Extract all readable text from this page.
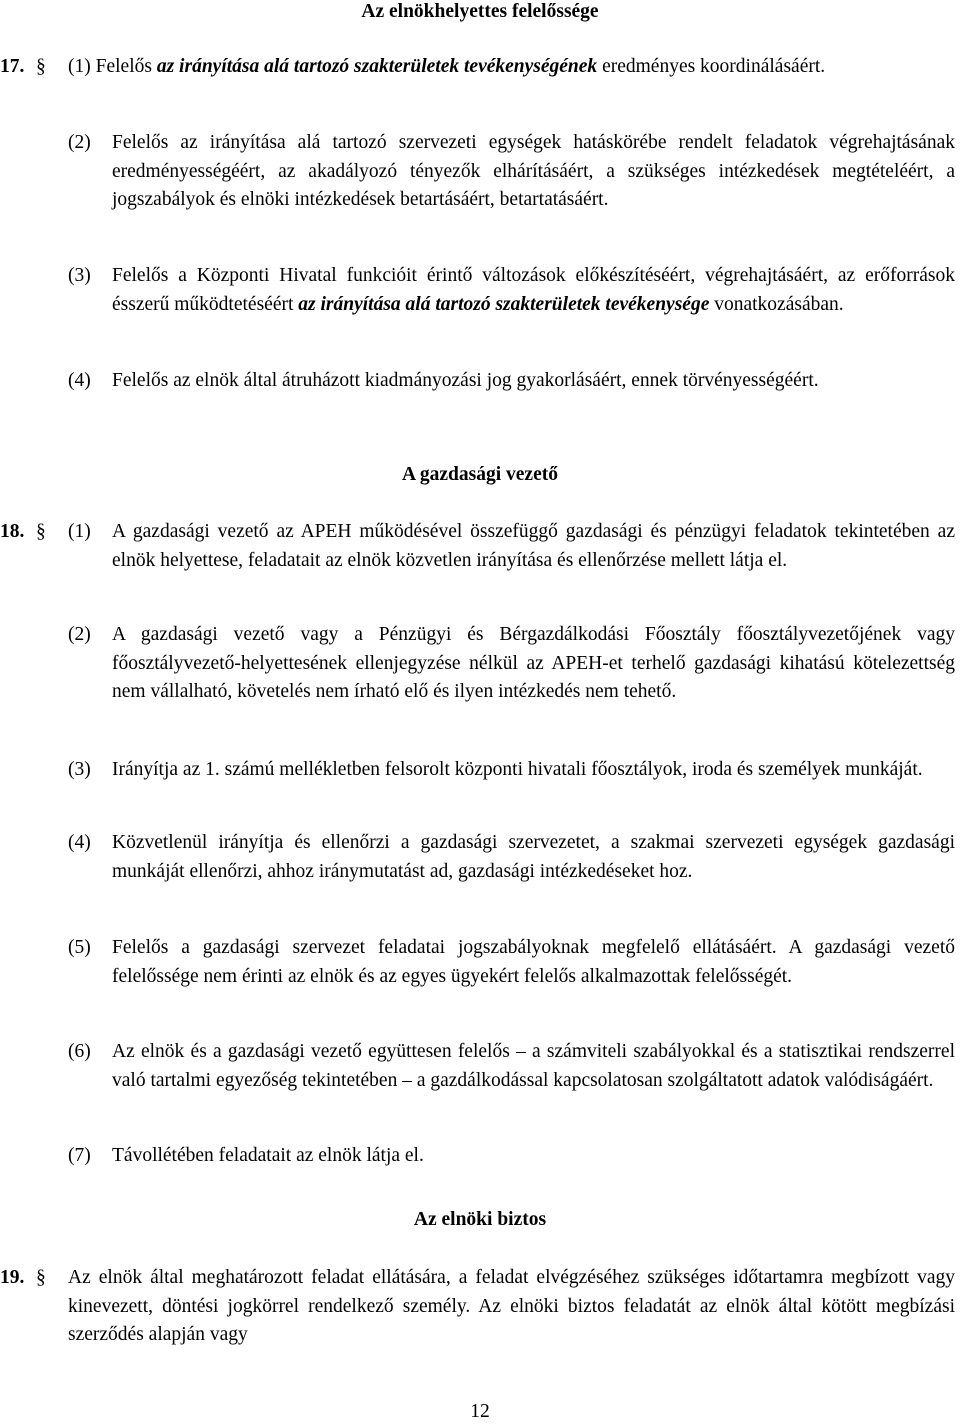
Az elnökhelyettes felelőssége
17. § (1) Felelős az irányítása alá tartozó szakterületek tevékenységének eredményes koordinálásáért.
(2) Felelős az irányítása alá tartozó szervezeti egységek hatáskörébe rendelt feladatok végrehajtásának eredményességéért, az akadályozó tényezők elhárításáért, a szükséges intézkedések megtételéért, a jogszabályok és elnöki intézkedések betartásáért, betartatásáért.
(3) Felelős a Központi Hivatal funkcióit érintő változások előkészítéséért, végrehajtásáért, az erőforrások ésszerű működtetéséért az irányítása alá tartozó szakterületek tevékenysége vonatkozásában.
(4) Felelős az elnök által átruházott kiadmányozási jog gyakorlásáért, ennek törvényességéért.
A gazdasági vezető
18. § (1) A gazdasági vezető az APEH működésével összefüggő gazdasági és pénzügyi feladatok tekintetében az elnök helyettese, feladatait az elnök közvetlen irányítása és ellenőrzése mellett látja el.
(2) A gazdasági vezető vagy a Pénzügyi és Bérgazdálkodási Főosztály főosztályvezetőjének vagy főosztályvezető-helyettesének ellenjegyzése nélkül az APEH-et terhelő gazdasági kihatású kötelezettség nem vállalható, követelés nem írható elő és ilyen intézkedés nem tehető.
(3) Irányítja az 1. számú mellékletben felsorolt központi hivatali főosztályok, iroda és személyek munkáját.
(4) Közvetlenül irányítja és ellenőrzi a gazdasági szervezetet, a szakmai szervezeti egységek gazdasági munkáját ellenőrzi, ahhoz iránymutatást ad, gazdasági intézkedéseket hoz.
(5) Felelős a gazdasági szervezet feladatai jogszabályoknak megfelelő ellátásáért. A gazdasági vezető felelőssége nem érinti az elnök és az egyes ügyekért felelős alkalmazottak felelősségét.
(6) Az elnök és a gazdasági vezető együttesen felelős – a számviteli szabályokkal és a statisztikai rendszerrel való tartalmi egyezőség tekintetében – a gazdálkodással kapcsolatosan szolgáltatott adatok valódiságáért.
(7) Távollétében feladatait az elnök látja el.
Az elnöki biztos
19. § Az elnök által meghatározott feladat ellátására, a feladat elvégzéséhez szükséges időtartamra megbízott vagy kinevezett, döntési jogkörrel rendelkező személy. Az elnöki biztos feladatát az elnök által kötött megbízási szerződés alapján vagy
12
